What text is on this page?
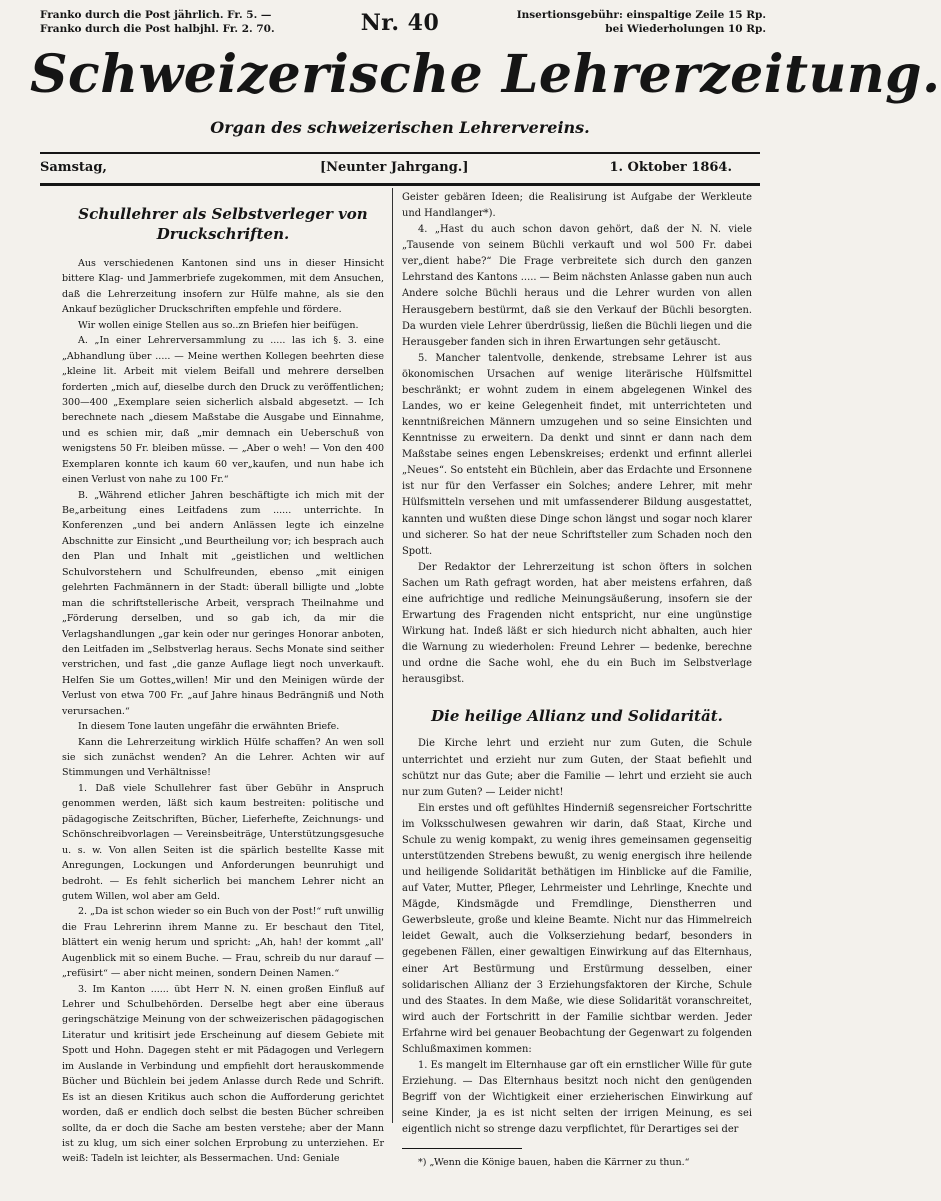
Franko durch die Post jährlich. Fr. 5. —
Franko durch die Post halbjhl. Fr. 2. 70.	Nr. 40	Insertionsgebühr: einspaltige Zeile 15 Rp.
bei Wiederholungen 10 Rp.
Schweizerische Lehrerzeitung.
Organ des schweizerischen Lehrervereins.
Samstag,	[Neunter Jahrgang.]	1. Oktober 1864.
Schullehrer als Selbstverleger von Druckschriften.

Aus verschiedenen Kantonen sind uns in dieser Hinsicht bittere Klag- und Jammerbriefe zugekommen, mit dem Ansuchen, daß die Lehrerzeitung insofern zur Hülfe mahne, als sie den Ankauf bezüglicher Druckschriften empfehle und fördere.

Wir wollen einige Stellen aus so..zn Briefen hier beifügen.

A. „In einer Lehrerversammlung zu ..... las ich §. 3. eine „Abhandlung über ..... — Meine werthen Kollegen beehrten diese „kleine lit. Arbeit mit vielem Beifall und mehrere derselben forderten „mich auf, dieselbe durch den Druck zu veröffentlichen; 300—400 „Exemplare seien sicherlich alsbald abgesetzt. — Ich berechnete nach „diesem Maßstabe die Ausgabe und Einnahme, und es schien mir, daß „mir demnach ein Ueberschuß von wenigstens 50 Fr. bleiben müsse. — „Aber o weh! — Von den 400 Exemplaren konnte ich kaum 60 ver„kaufen, und nun habe ich einen Verlust von nahe zu 100 Fr.“

B. „Während etlicher Jahren beschäftigte ich mich mit der Be„arbeitung eines Leitfadens zum ...... unterrichte. In Konferenzen „und bei andern Anlässen legte ich einzelne Abschnitte zur Einsicht „und Beurtheilung vor; ich besprach auch den Plan und Inhalt mit „geistlichen und weltlichen Schulvorstehern und Schulfreunden, ebenso „mit einigen gelehrten Fachmännern in der Stadt: überall billigte und „lobte man die schriftstellerische Arbeit, versprach Theilnahme und „Förderung derselben, und so gab ich, da mir die Verlagshandlungen „gar kein oder nur geringes Honorar anboten, den Leitfaden im „Selbstverlag heraus. Sechs Monate sind seither verstrichen, und fast „die ganze Auflage liegt noch unverkauft. Helfen Sie um Gottes„willen! Mir und den Meinigen würde der Verlust von etwa 700 Fr. „auf Jahre hinaus Bedrängniß und Noth verursachen.“

In diesem Tone lauten ungefähr die erwähnten Briefe.

Kann die Lehrerzeitung wirklich Hülfe schaffen? An wen soll sie sich zunächst wenden? An die Lehrer. Achten wir auf Stimmungen und Verhältnisse!

1. Daß viele Schullehrer fast über Gebühr in Anspruch genommen werden, läßt sich kaum bestreiten: politische und pädagogische Zeitschriften, Bücher, Lieferhefte, Zeichnungs- und Schönschreibvorlagen — Vereinsbeiträge, Unterstützungsgesuche u. s. w. Von allen Seiten ist die spärlich bestellte Kasse mit Anregungen, Lockungen und Anforderungen beunruhigt und bedroht. — Es fehlt sicherlich bei manchem Lehrer nicht an gutem Willen, wol aber am Geld.

2. „Da ist schon wieder so ein Buch von der Post!“ ruft unwillig die Frau Lehrerinn ihrem Manne zu. Er beschaut den Titel, blättert ein wenig herum und spricht: „Ah, hah! der kommt „all' Augenblick mit so einem Buche. — Frau, schreib du nur darauf — „refüsirt“ — aber nicht meinen, sondern Deinen Namen.“

3. Im Kanton ...... übt Herr N. N. einen großen Einfluß auf Lehrer und Schulbehörden. Derselbe hegt aber eine überaus geringschätzige Meinung von der schweizerischen pädagogischen Literatur und kritisirt jede Erscheinung auf diesem Gebiete mit Spott und Hohn. Dagegen steht er mit Pädagogen und Verlegern im Auslande in Verbindung und empfiehlt dort herauskommende Bücher und Büchlein bei jedem Anlasse durch Rede und Schrift. Es ist an diesen Kritikus auch schon die Aufforderung gerichtet worden, daß er endlich doch selbst die besten Bücher schreiben sollte, da er doch die Sache am besten verstehe; aber der Mann ist zu klug, um sich einer solchen Erprobung zu unterziehen. Er weiß: Tadeln ist leichter, als Bessermachen. Und: Geniale

Geister gebären Ideen; die Realisirung ist Aufgabe der Werkleute und Handlanger*).

4. „Hast du auch schon davon gehört, daß der N. N. viele „Tausende von seinem Büchli verkauft und wol 500 Fr. dabei ver„dient habe?“ Die Frage verbreitete sich durch den ganzen Lehrstand des Kantons ..... — Beim nächsten Anlasse gaben nun auch Andere solche Büchli heraus und die Lehrer wurden von allen Herausgebern bestürmt, daß sie den Verkauf der Büchli besorgten. Da wurden viele Lehrer überdrüssig, ließen die Büchli liegen und die Herausgeber fanden sich in ihren Erwartungen sehr getäuscht.

5. Mancher talentvolle, denkende, strebsame Lehrer ist aus ökonomischen Ursachen auf wenige literärische Hülfsmittel beschränkt; er wohnt zudem in einem abgelegenen Winkel des Landes, wo er keine Gelegenheit findet, mit unterrichteten und kenntnißreichen Männern umzugehen und so seine Einsichten und Kenntnisse zu erweitern. Da denkt und sinnt er dann nach dem Maßstabe seines engen Lebenskreises; erdenkt und erfinnt allerlei „Neues“. So entsteht ein Büchlein, aber das Erdachte und Ersonnene ist nur für den Verfasser ein Solches; andere Lehrer, mit mehr Hülfsmitteln versehen und mit umfassenderer Bildung ausgestattet, kannten und wußten diese Dinge schon längst und sogar noch klarer und sicherer. So hat der neue Schriftsteller zum Schaden noch den Spott.

Der Redaktor der Lehrerzeitung ist schon öfters in solchen Sachen um Rath gefragt worden, hat aber meistens erfahren, daß eine aufrichtige und redliche Meinungsäußerung, insofern sie der Erwartung des Fragenden nicht entspricht, nur eine ungünstige Wirkung hat. Indeß läßt er sich hiedurch nicht abhalten, auch hier die Warnung zu wiederholen: Freund Lehrer — bedenke, berechne und ordne die Sache wohl, ehe du ein Buch im Selbstverlage herausgibst.

Die heilige Allianz und Solidarität.

Die Kirche lehrt und erzieht nur zum Guten, die Schule unterrichtet und erzieht nur zum Guten, der Staat befiehlt und schützt nur das Gute; aber die Familie — lehrt und erzieht sie auch nur zum Guten? — Leider nicht!

Ein erstes und oft gefühltes Hinderniß segensreicher Fortschritte im Volksschulwesen gewahren wir darin, daß Staat, Kirche und Schule zu wenig kompakt, zu wenig ihres gemeinsamen gegenseitig unterstützenden Strebens bewußt, zu wenig energisch ihre heilende und heiligende Solidarität bethätigen im Hinblicke auf die Familie, auf Vater, Mutter, Pfleger, Lehrmeister und Lehrlinge, Knechte und Mägde, Kindsmägde und Fremdlinge, Dienstherren und Gewerbsleute, große und kleine Beamte. Nicht nur das Himmelreich leidet Gewalt, auch die Volkserziehung bedarf, besonders in gegebenen Fällen, einer gewaltigen Einwirkung auf das Elternhaus, einer Art Bestürmung und Erstürmung desselben, einer solidarischen Allianz der 3 Erziehungsfaktoren der Kirche, Schule und des Staates. In dem Maße, wie diese Solidarität voranschreitet, wird auch der Fortschritt in der Familie sichtbar werden. Jeder Erfahrne wird bei genauer Beobachtung der Gegenwart zu folgenden Schlußmaximen kommen:

1. Es mangelt im Elternhause gar oft ein ernstlicher Wille für gute Erziehung. — Das Elternhaus besitzt noch nicht den genügenden Begriff von der Wichtigkeit einer erzieherischen Einwirkung auf seine Kinder, ja es ist nicht selten der irrigen Meinung, es sei eigentlich nicht so strenge dazu verpflichtet, für Derartiges sei der

*) „Wenn die Könige bauen, haben die Kärrner zu thun.“
